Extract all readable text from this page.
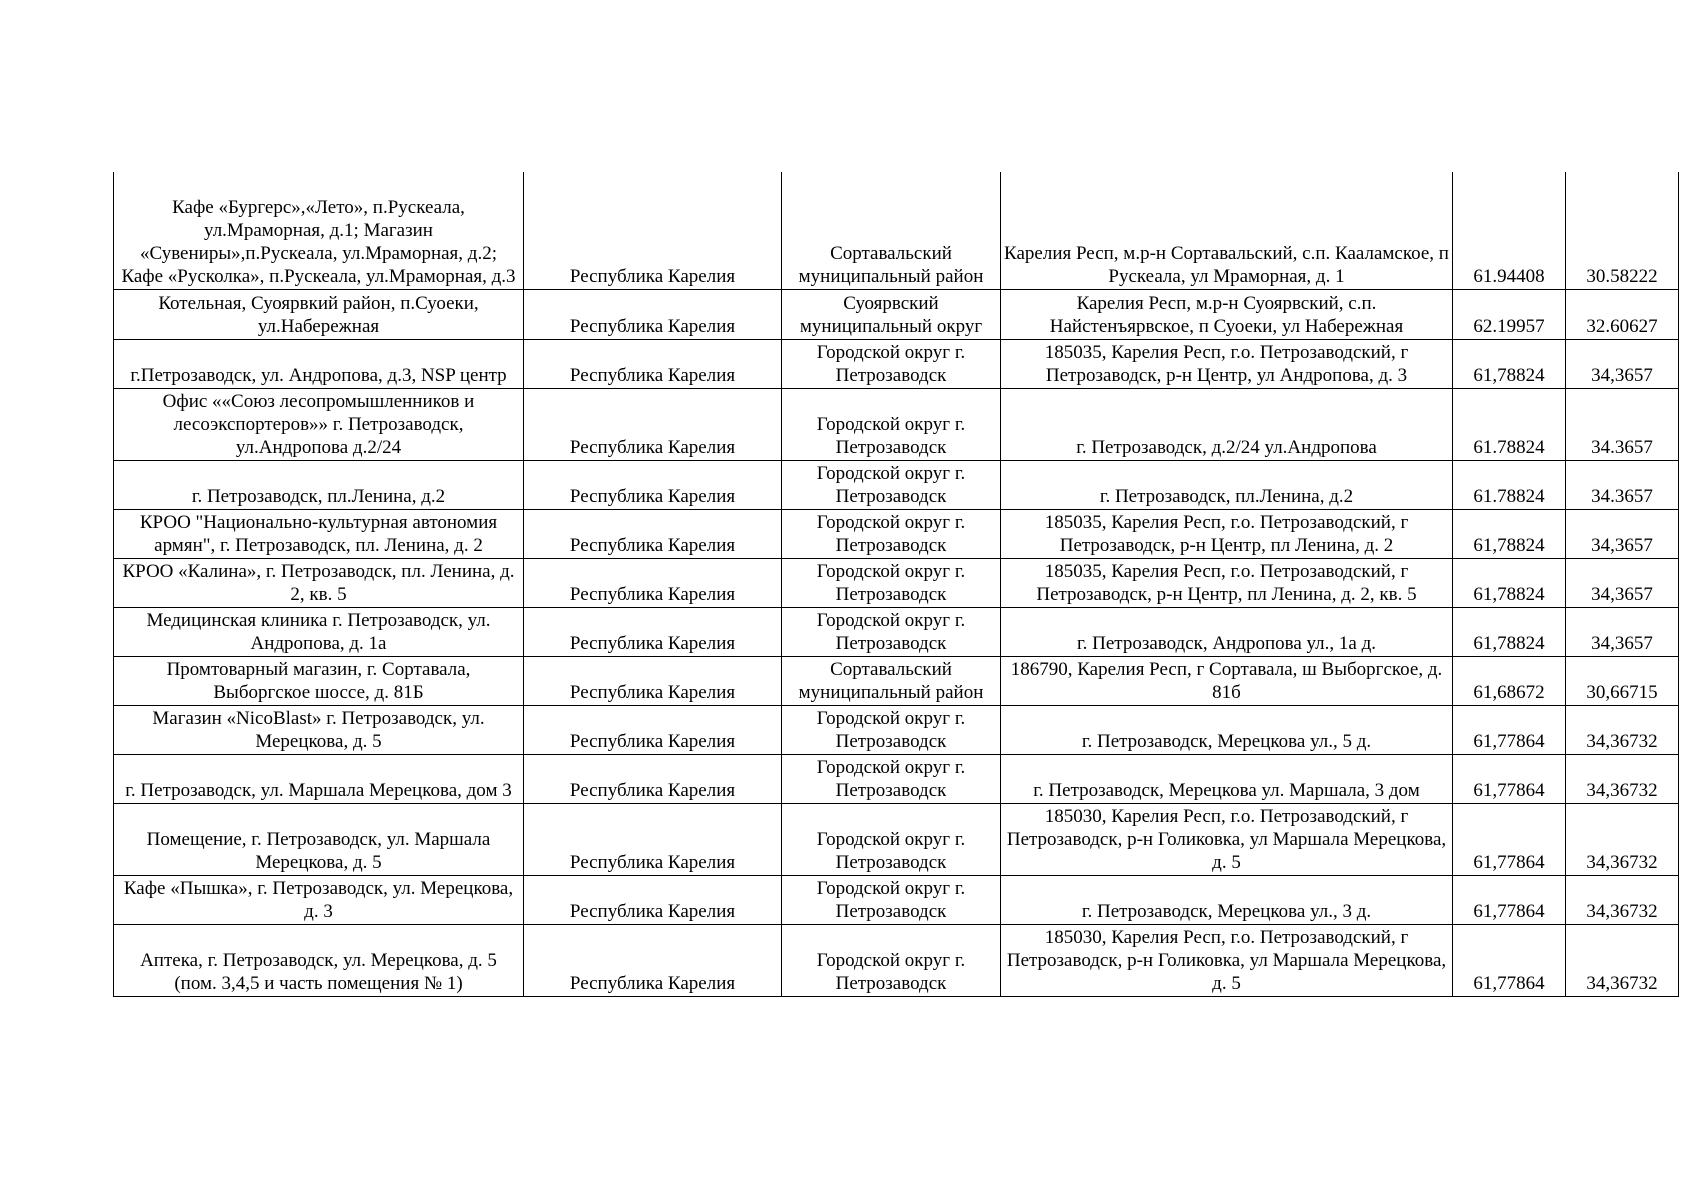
Кафе «Бургерс»,«Лето», п.Рускеала, ул.Мраморная, д.1; Магазин «Сувениры»,п.Рускеала, ул.Мраморная, д.2; Кафе «Русколка», п.Рускеала, ул.Мраморная, д.3	Республика Карелия	Сортавальский муниципальный район	Карелия Респ, м.р-н Сортавальский, с.п. Кааламское, п Рускеала, ул Мраморная, д. 1	61.94408	30.58222
Котельная, Суоярвкий район, п.Суоеки, ул.Набережная	Республика Карелия	Суоярвский муниципальный округ	Карелия Респ, м.р-н Суоярвский, с.п. Найстенъярвское, п Суоеки, ул Набережная	62.19957	32.60627
г.Петрозаводск, ул. Андропова, д.3, NSP центр	Республика Карелия	Городской округ г. Петрозаводск	185035, Карелия Респ, г.о. Петрозаводский, г Петрозаводск, р-н Центр, ул Андропова, д. 3	61,78824	34,3657
Офис ««Союз лесопромышленников и лесоэкспортеров»» г. Петрозаводск, ул.Андропова д.2/24	Республика Карелия	Городской округ г. Петрозаводск	г. Петрозаводск, д.2/24 ул.Андропова	61.78824	34.3657
г. Петрозаводск, пл.Ленина, д.2	Республика Карелия	Городской округ г. Петрозаводск	г. Петрозаводск, пл.Ленина, д.2	61.78824	34.3657
КРОО "Национально-культурная автономия армян", г. Петрозаводск, пл. Ленина, д. 2	Республика Карелия	Городской округ г. Петрозаводск	185035, Карелия Респ, г.о. Петрозаводский, г Петрозаводск, р-н Центр, пл Ленина, д. 2	61,78824	34,3657
КРОО «Калина», г. Петрозаводск, пл. Ленина, д. 2, кв. 5	Республика Карелия	Городской округ г. Петрозаводск	185035, Карелия Респ, г.о. Петрозаводский, г Петрозаводск, р-н Центр, пл Ленина, д. 2, кв. 5	61,78824	34,3657
Медицинская клиника г. Петрозаводск, ул. Андропова, д. 1а	Республика Карелия	Городской округ г. Петрозаводск	г. Петрозаводск, Андропова ул., 1а д.	61,78824	34,3657
Промтоварный магазин, г. Сортавала, Выборгское шоссе, д. 81Б	Республика Карелия	Сортавальский муниципальный район	186790, Карелия Респ, г Сортавала, ш Выборгское, д. 81б	61,68672	30,66715
Магазин «NicoBlast» г. Петрозаводск, ул. Мерецкова, д. 5	Республика Карелия	Городской округ г. Петрозаводск	г. Петрозаводск, Мерецкова ул., 5 д.	61,77864	34,36732
г. Петрозаводск, ул. Маршала Мерецкова, дом 3	Республика Карелия	Городской округ г. Петрозаводск	г. Петрозаводск, Мерецкова ул. Маршала, 3 дом	61,77864	34,36732
Помещение, г. Петрозаводск, ул. Маршала Мерецкова, д. 5	Республика Карелия	Городской округ г. Петрозаводск	185030, Карелия Респ, г.о. Петрозаводский, г Петрозаводск, р-н Голиковка, ул Маршала Мерецкова, д. 5	61,77864	34,36732
Кафе «Пышка», г. Петрозаводск, ул. Мерецкова, д. 3	Республика Карелия	Городской округ г. Петрозаводск	г. Петрозаводск, Мерецкова ул., 3 д.	61,77864	34,36732
Аптека, г. Петрозаводск, ул. Мерецкова, д. 5 (пом. 3,4,5 и часть помещения № 1)	Республика Карелия	Городской округ г. Петрозаводск	185030, Карелия Респ, г.о. Петрозаводский, г Петрозаводск, р-н Голиковка, ул Маршала Мерецкова, д. 5	61,77864	34,36732
